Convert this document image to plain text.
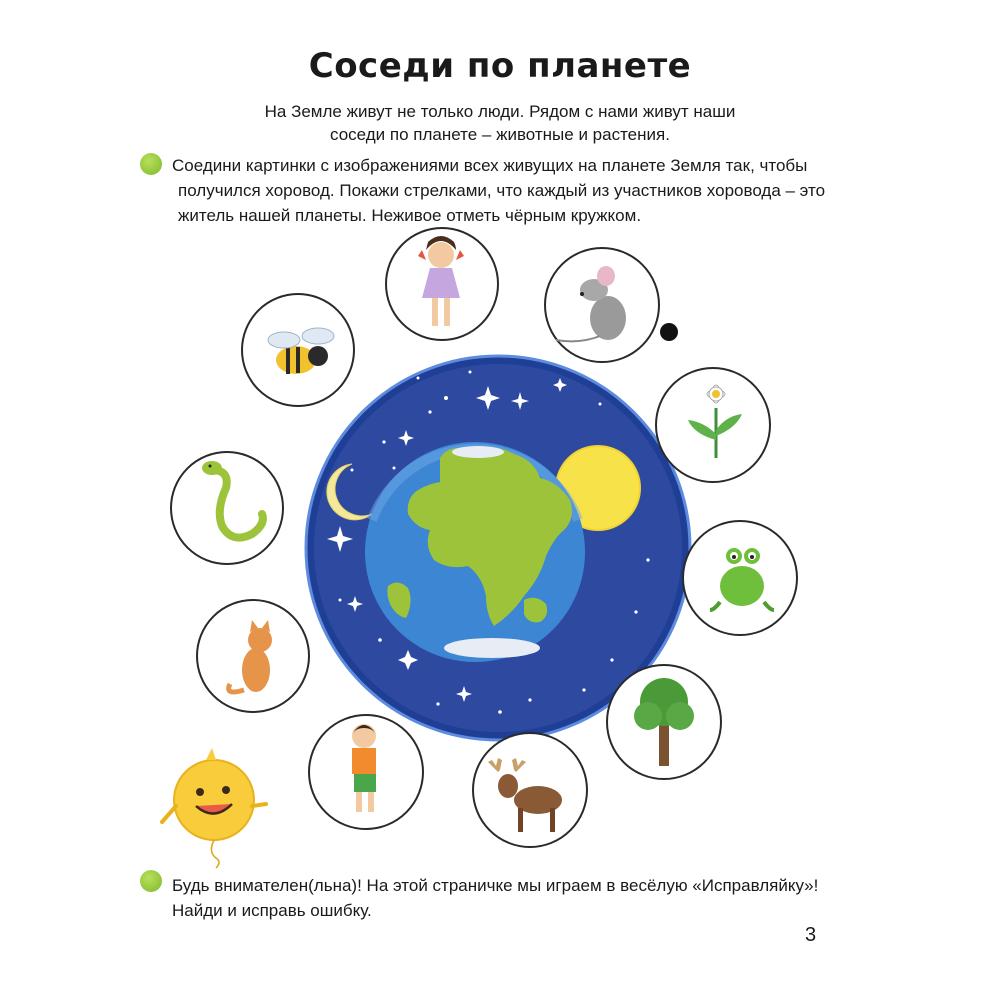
Соседи по планете
На Земле живут не только люди. Рядом с нами живут наши
соседи по планете – животные и растения.
Соедини картинки с изображениями всех живущих на планете Земля так, чтобы
получился хоровод. Покажи стрелками, что каждый из участников хоровода – это
житель нашей планеты. Неживое отметь чёрным кружком.
Будь внимателен(льна)! На этой страничке мы играем в весёлую «Исправляйку»!
Найди и исправь ошибку.
3
